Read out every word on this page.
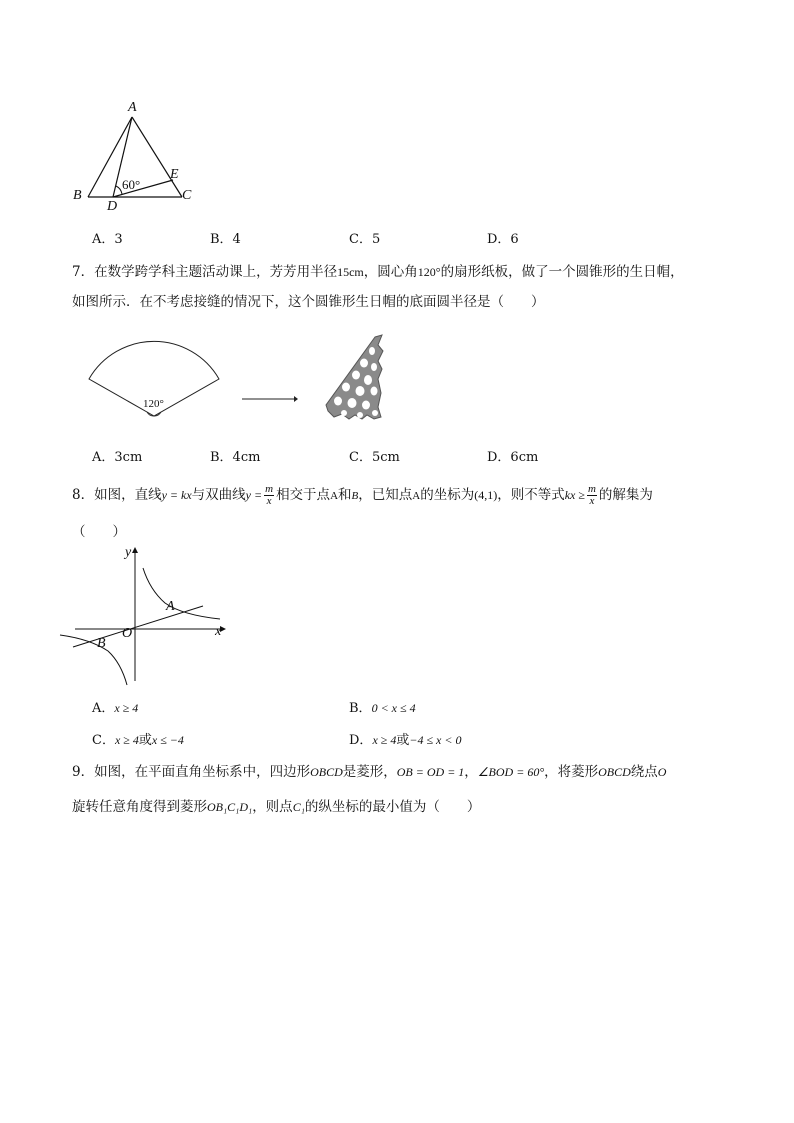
A
B	C
D
E
60°
A．3	B．4	C．5	D．6
7．在数学跨学科主题活动课上，芳芳用半径15cm，圆心角120°的扇形纸板，做了一个圆锥形的生日帽，
如图所示．在不考虑接缝的情况下，这个圆锥形生日帽的底面圆半径是（　　）
120°
A．3cm	B．4cm	C．5cm	D．6cm
8．如图，直线y = kx与双曲线$y = \frac{m}{x}$ 相交于点A和B，已知点A的坐标为(4,1)，则不等式kx ≥ $\frac{m}{x}$ 的解集为
（　　）
y
x
O
A
B
A．x ≥ 4	B．0 < x ≤ 4
C．x ≥ 4或x ≤ −4	D．x ≥ 4或−4 ≤ x < 0
9．如图，在平面直角坐标系中，四边形OBCD是菱形，OB = OD = 1，∠BOD = 60°，将菱形OBCD绕点O
旋转任意角度得到菱形OB₁C₁D₁，则点C₁的纵坐标的最小值为（　　）
